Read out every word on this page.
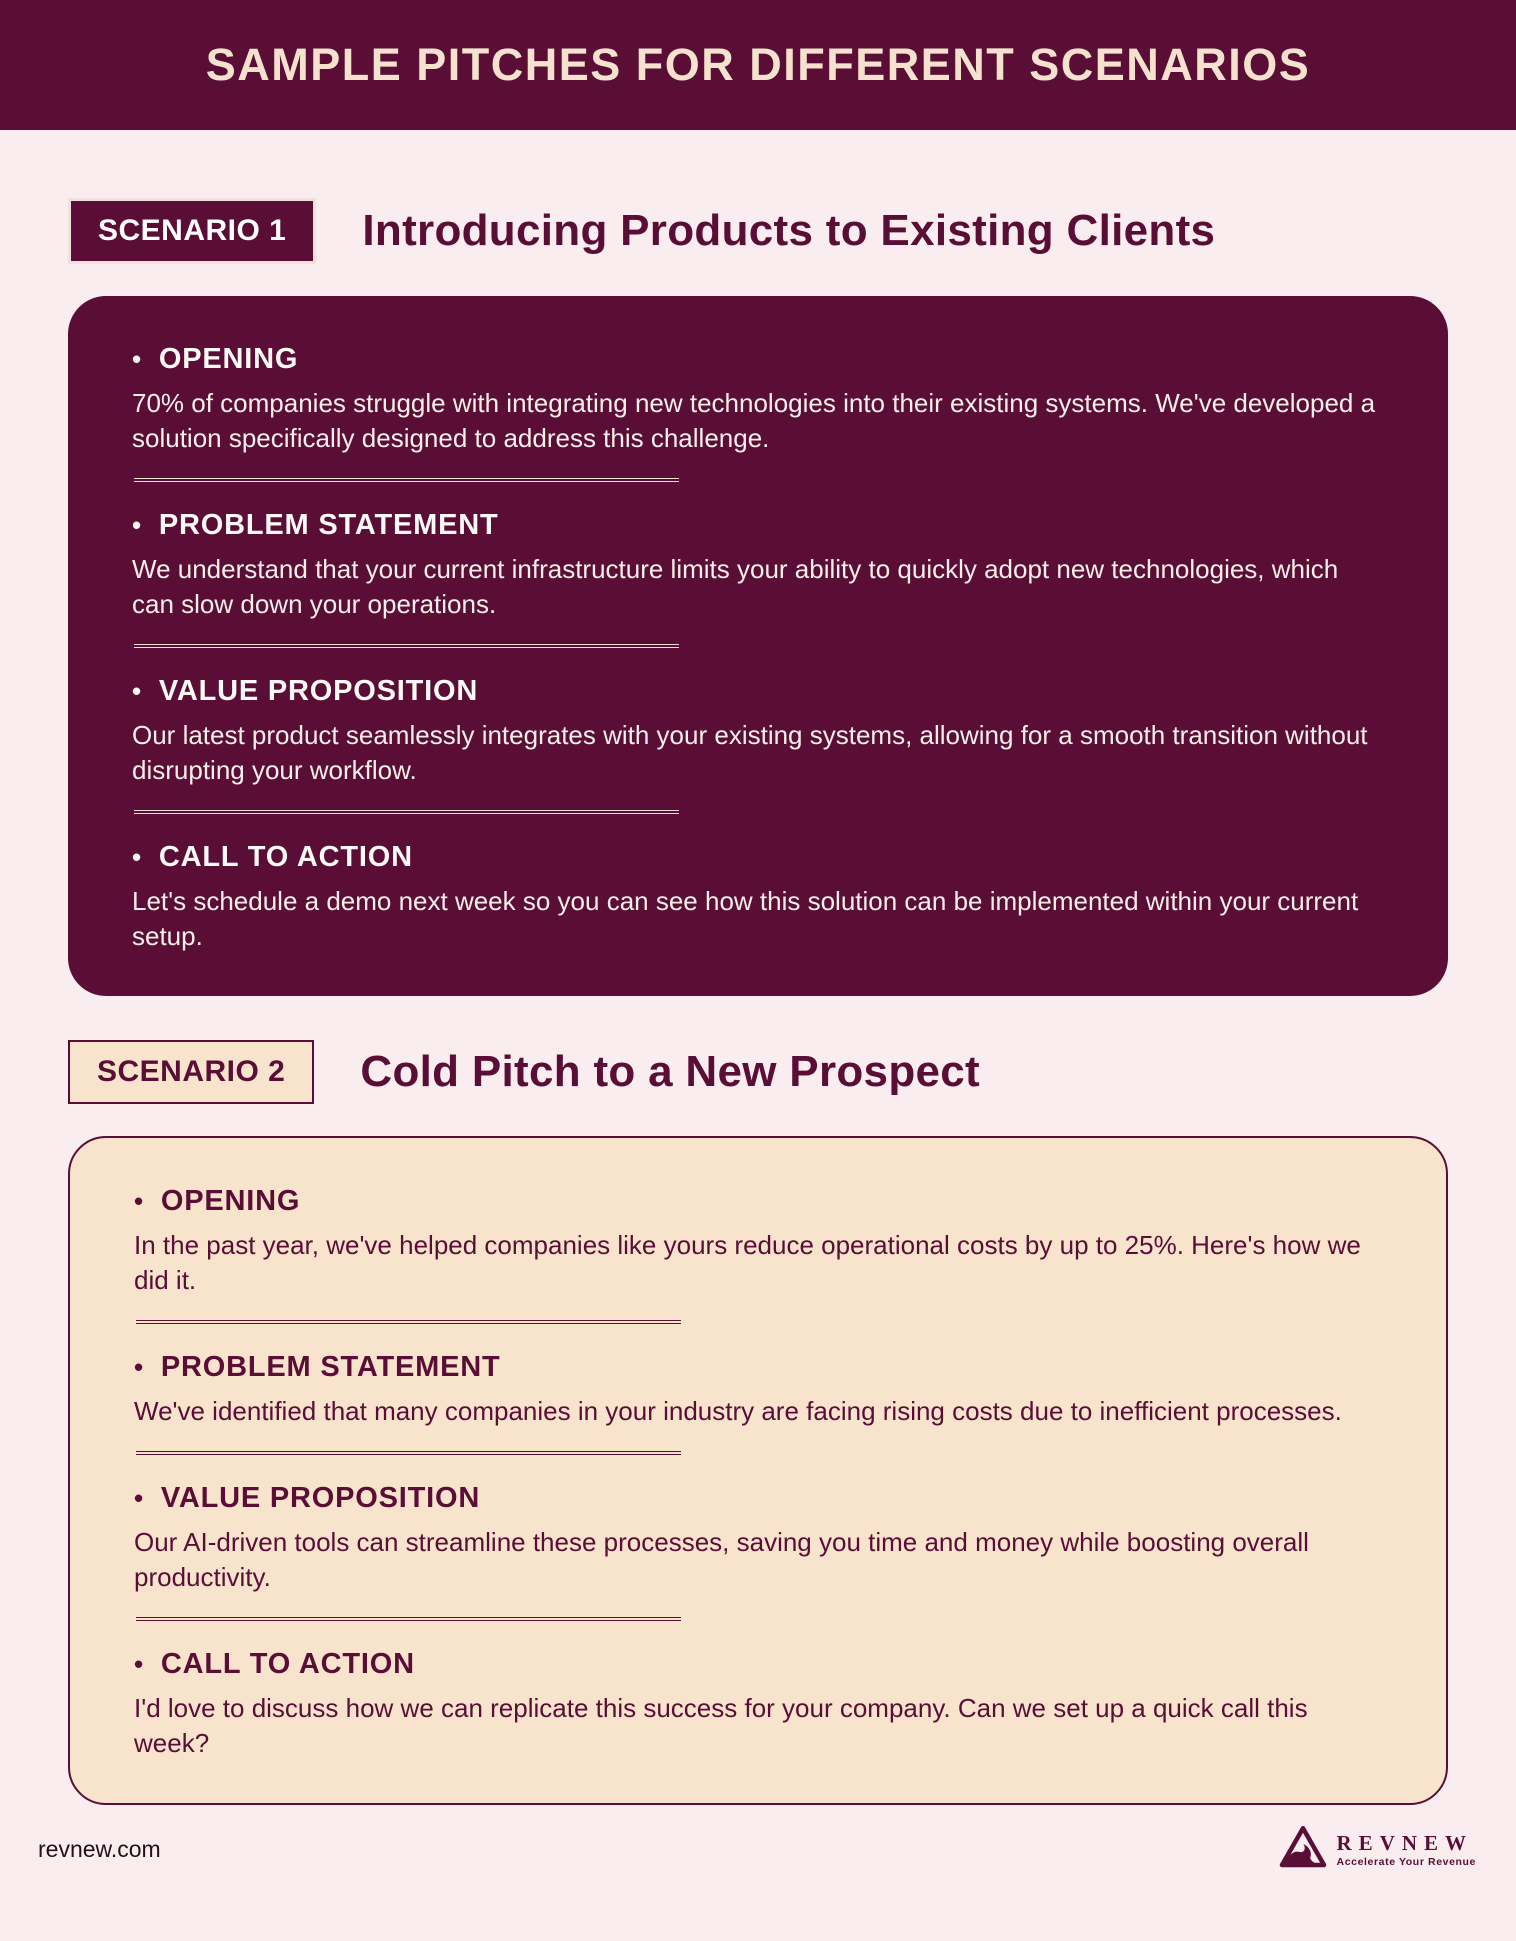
SAMPLE PITCHES FOR DIFFERENT SCENARIOS
SCENARIO 1	Introducing Products to Existing Clients
• OPENING

70% of companies struggle with integrating new technologies into their existing systems. We've developed a solution specifically designed to address this challenge.

• PROBLEM STATEMENT

We understand that your current infrastructure limits your ability to quickly adopt new technologies, which can slow down your operations.

• VALUE PROPOSITION

Our latest product seamlessly integrates with your existing systems, allowing for a smooth transition without disrupting your workflow.

• CALL TO ACTION

Let's schedule a demo next week so you can see how this solution can be implemented within your current setup.

SCENARIO 2	Cold Pitch to a New Prospect
• OPENING

In the past year, we've helped companies like yours reduce operational costs by up to 25%. Here's how we did it.

• PROBLEM STATEMENT

We've identified that many companies in your industry are facing rising costs due to inefficient processes.

• VALUE PROPOSITION

Our AI-driven tools can streamline these processes, saving you time and money while boosting overall productivity.

• CALL TO ACTION

I'd love to discuss how we can replicate this success for your company. Can we set up a quick call this week?

revnew.com	REVNEW
Accelerate Your Revenue
